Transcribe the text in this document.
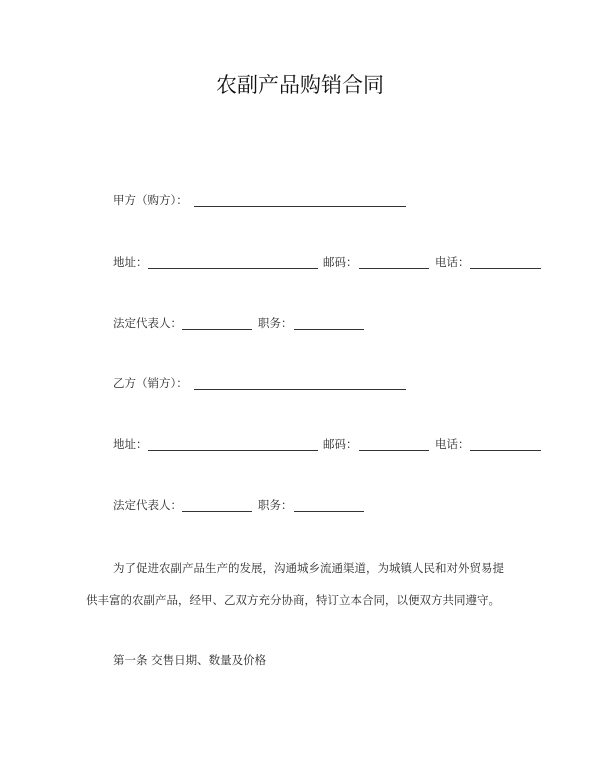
农副产品购销合同
甲方（购方）：
地址：	邮码：	电话：
法定代表人：	职务：
乙方（销方）：
地址：	邮码：	电话：
法定代表人：	职务：
为了促进农副产品生产的发展，沟通城乡流通渠道，为城镇人民和对外贸易提
供丰富的农副产品，经甲、乙双方充分协商，特订立本合同，以便双方共同遵守。
第一条 交售日期、数量及价格
